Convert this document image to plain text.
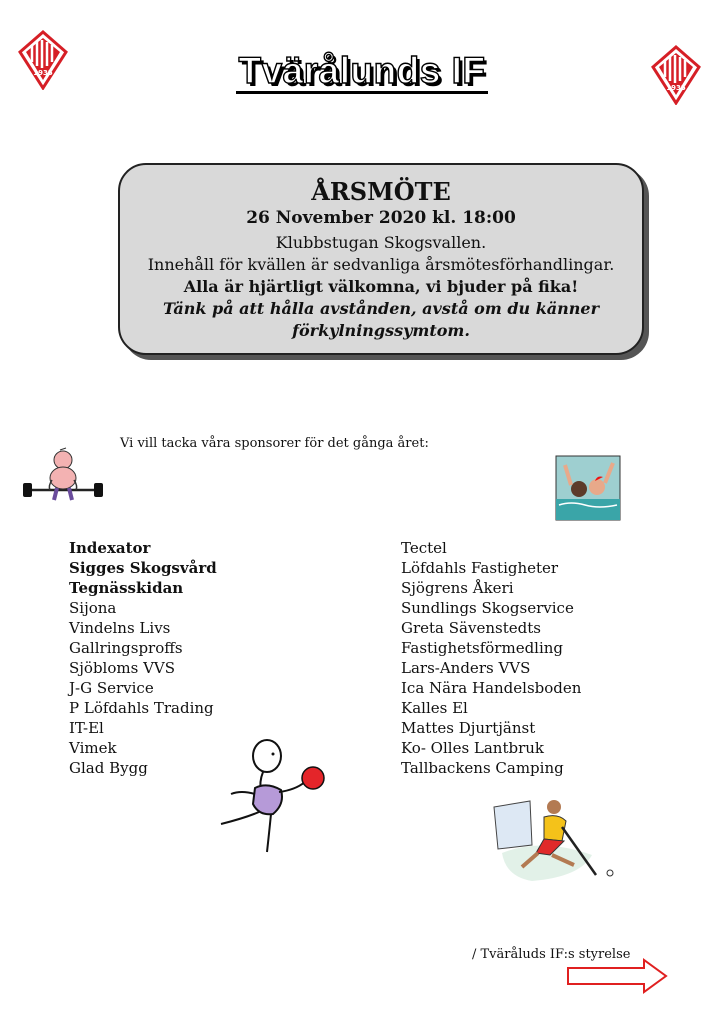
1935
1935
Tvärålunds IF
ÅRSMÖTE
26 November 2020 kl. 18:00
Klubbstugan Skogsvallen.
Innehåll för kvällen är sedvanliga årsmötesförhandlingar.
Alla är hjärtligt välkomna, vi bjuder på fika!
Tänk på att hålla avstånden, avstå om du känner
förkylningssymtom.
Vi vill tacka våra sponsorer för det gånga året:
Indexator
Sigges Skogsvård
Tegnässkidan
Sijona
Vindelns Livs
Gallringsproffs
Sjöbloms VVS
J-G Service
P Löfdahls Trading
IT-El
Vimek
Glad Bygg
Tectel
Löfdahls Fastigheter
Sjögrens Åkeri
Sundlings Skogservice
Greta Sävenstedts
Fastighetsförmedling
Lars-Anders VVS
Ica Nära Handelsboden
Kalles El
Mattes Djurtjänst
Ko- Olles Lantbruk
Tallbackens Camping
/ Tväråluds IF:s styrelse
